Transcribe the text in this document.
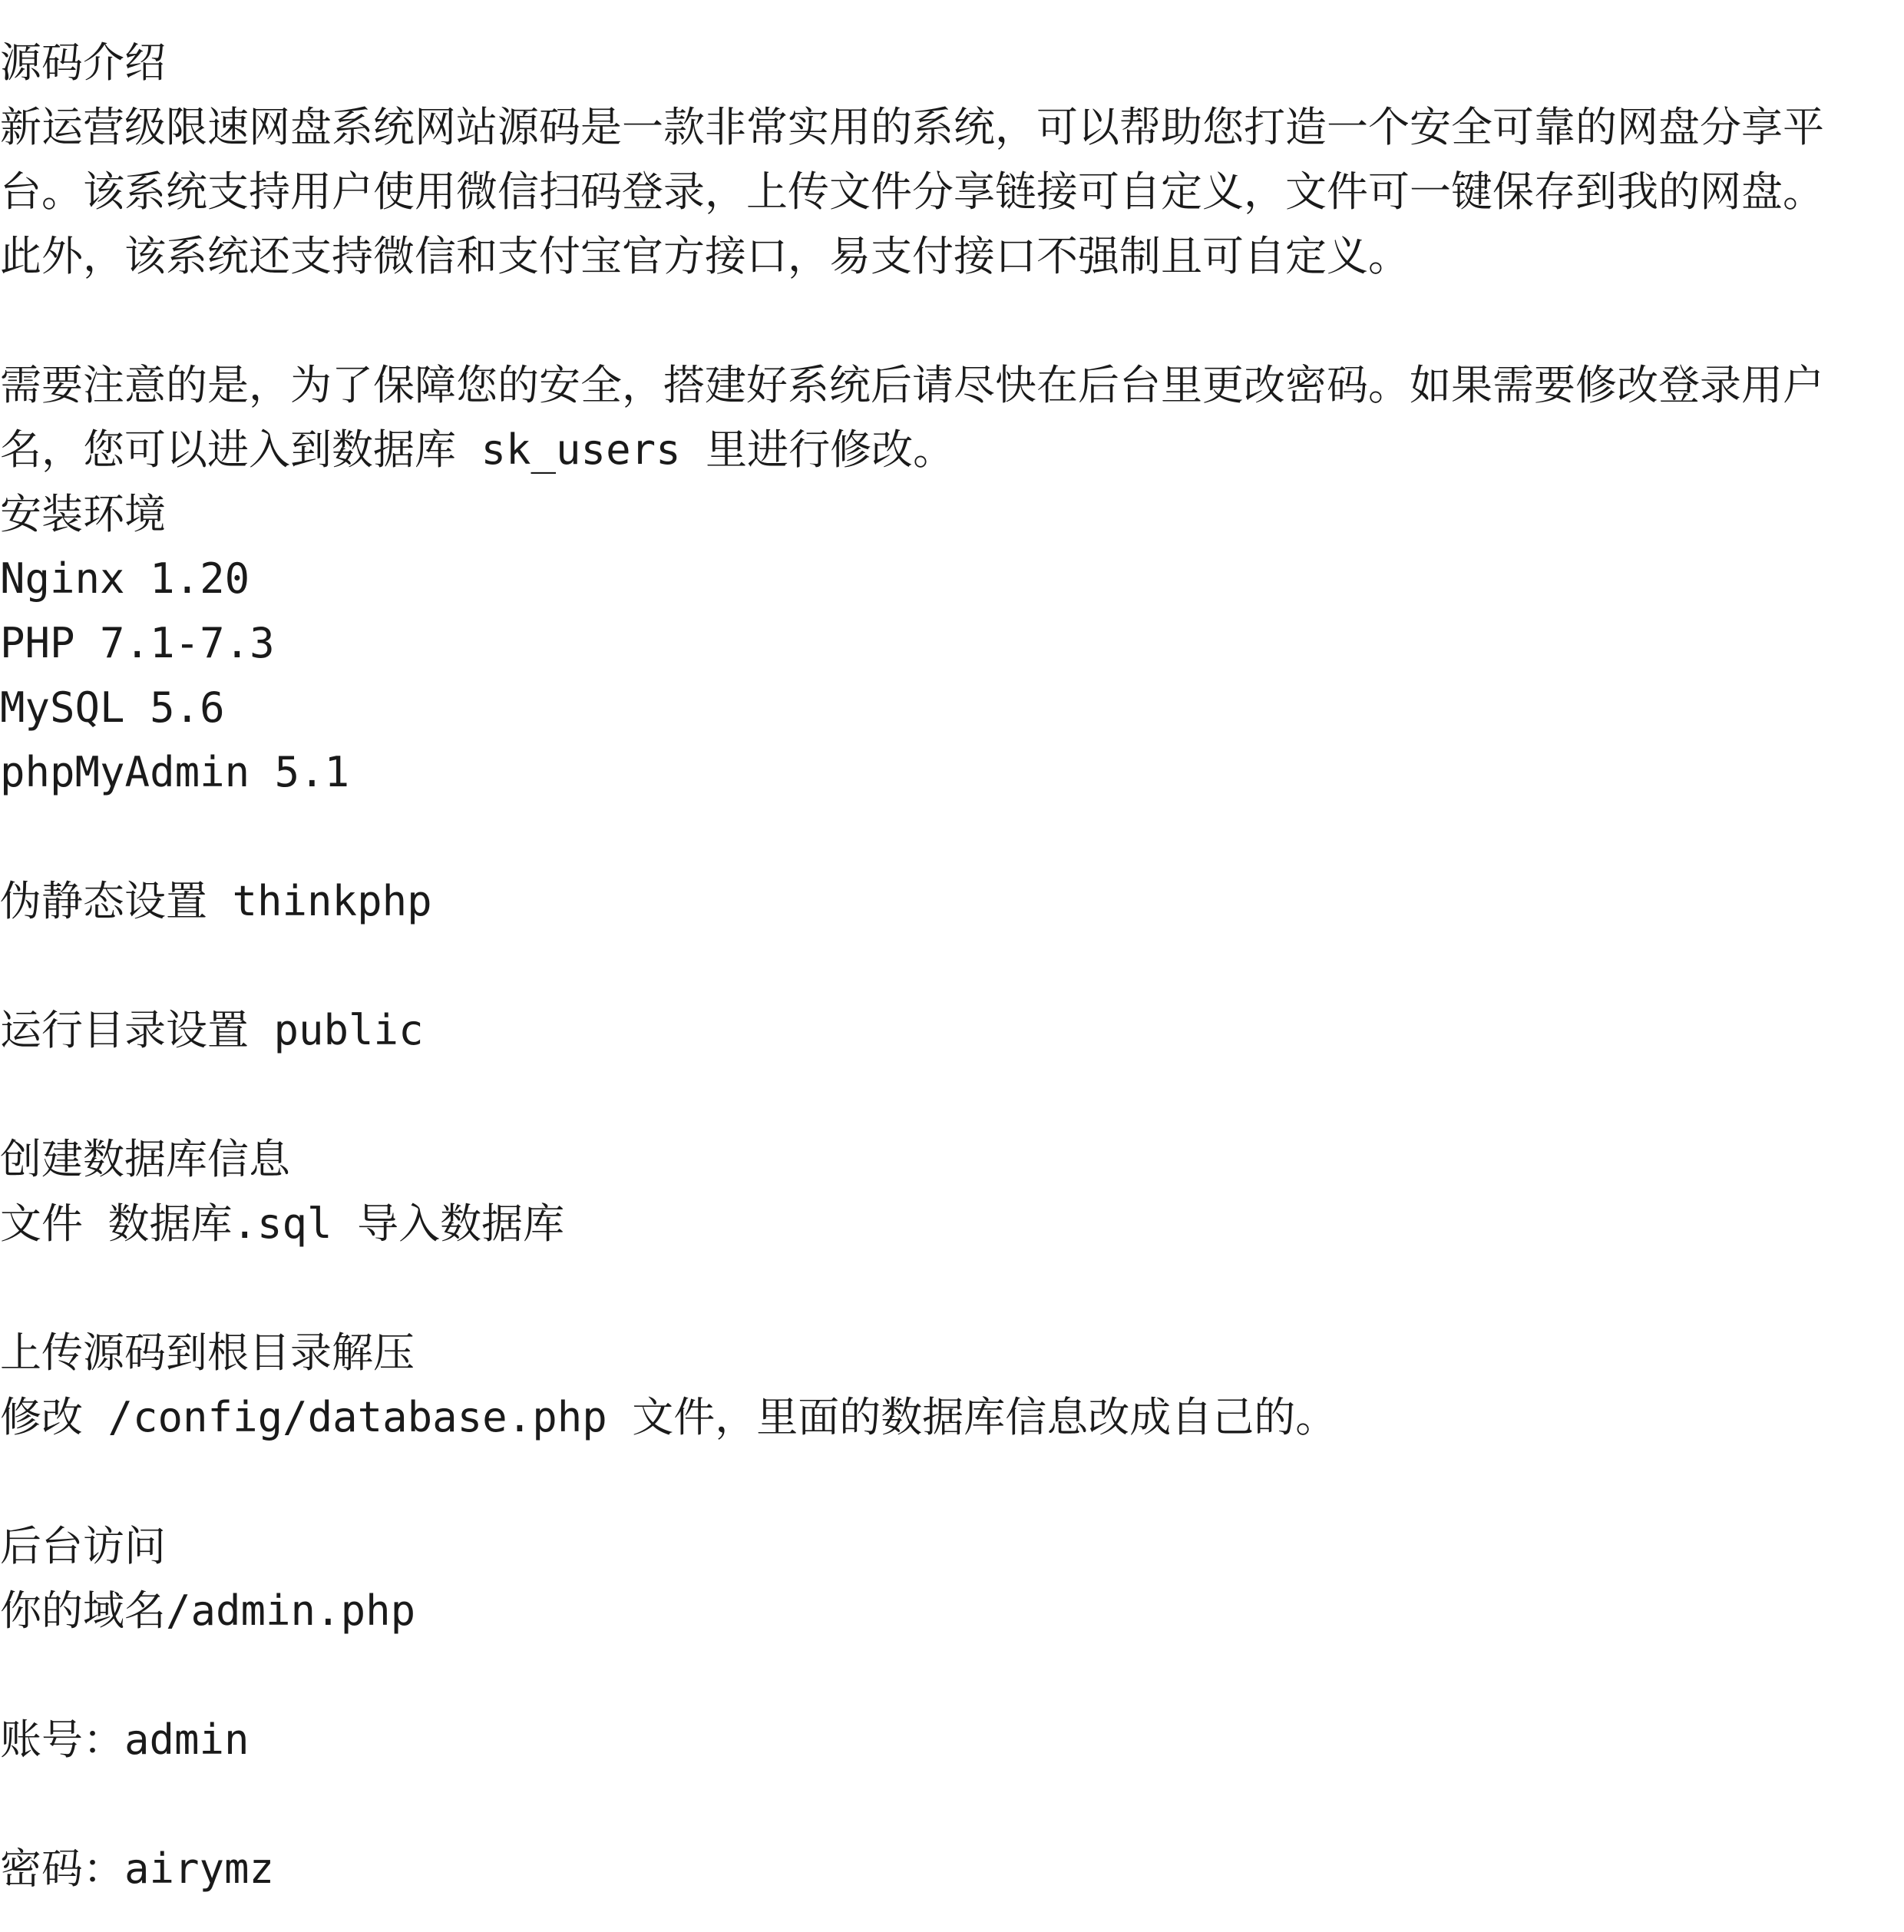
源码介绍

新运营级限速网盘系统网站源码是一款非常实用的系统，可以帮助您打造一个安全可靠的网盘分享平

台。该系统支持用户使用微信扫码登录，上传文件分享链接可自定义，文件可一键保存到我的网盘。

此外，该系统还支持微信和支付宝官方接口，易支付接口不强制且可自定义。

需要注意的是，为了保障您的安全，搭建好系统后请尽快在后台里更改密码。如果需要修改登录用户

名，您可以进入到数据库 sk_users 里进行修改。

安装环境

Nginx 1.20

PHP 7.1-7.3

MySQL 5.6

phpMyAdmin 5.1

伪静态设置 thinkphp

运行目录设置 public

创建数据库信息

文件 数据库.sql 导入数据库

上传源码到根目录解压

修改 /config/database.php 文件，里面的数据库信息改成自己的。

后台访问

你的域名/admin.php

账号：admin

密码：airymz
